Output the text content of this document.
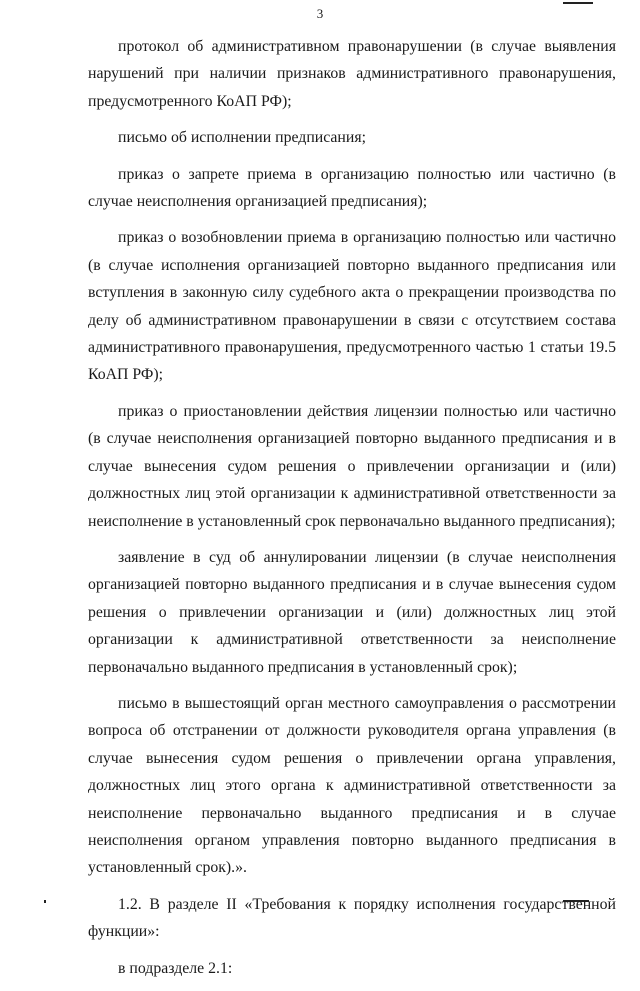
3

протокол об административном правонарушении (в случае выявления нарушений при наличии признаков административного правонарушения, предусмотренного КоАП РФ);

письмо об исполнении предписания;

приказ о запрете приема в организацию полностью или частично (в случае неисполнения организацией предписания);

приказ о возобновлении приема в организацию полностью или частично (в случае исполнения организацией повторно выданного предписания или вступления в законную силу судебного акта о прекращении производства по делу об административном правонарушении в связи с отсутствием состава административного правонарушения, предусмотренного частью 1 статьи 19.5 КоАП РФ);

приказ о приостановлении действия лицензии полностью или частично (в случае неисполнения организацией повторно выданного предписания и в случае вынесения судом решения о привлечении организации и (или) должностных лиц этой организации к административной ответственности за неисполнение в установленный срок первоначально выданного предписания);

заявление в суд об аннулировании лицензии (в случае неисполнения организацией повторно выданного предписания и в случае вынесения судом решения о привлечении организации и (или) должностных лиц этой организации к административной ответственности за неисполнение первоначально выданного предписания в установленный срок);

письмо в вышестоящий орган местного самоуправления о рассмотрении вопроса об отстранении от должности руководителя органа управления (в случае вынесения судом решения о привлечении органа управления, должностных лиц этого органа к административной ответственности за неисполнение первоначально выданного предписания и в случае неисполнения органом управления повторно выданного предписания в установленный срок).».

1.2. В разделе II «Требования к порядку исполнения государственной функции»:

в подразделе 2.1:
